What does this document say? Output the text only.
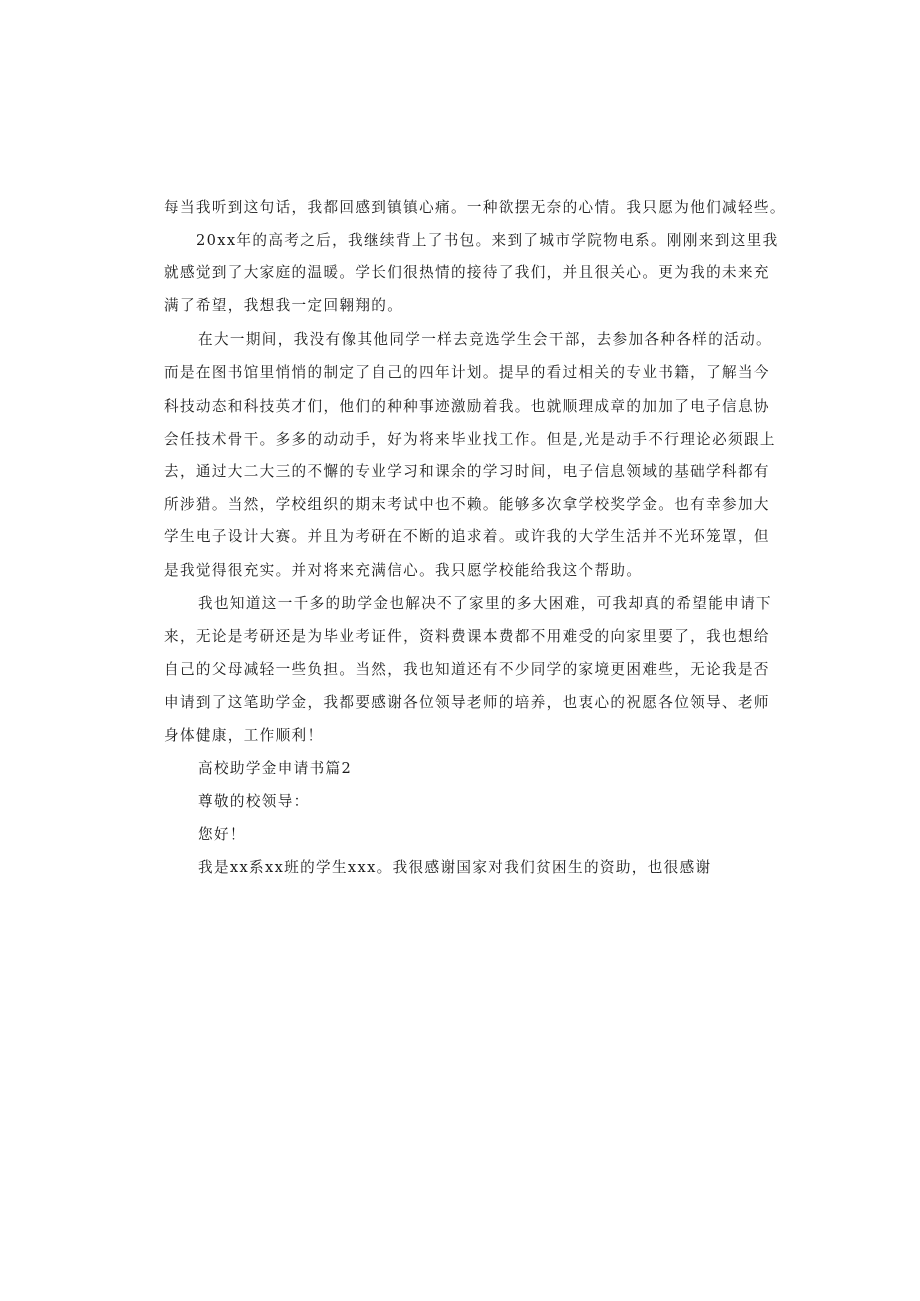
每当我听到这句话，我都回感到镇镇心痛。一种欲摆无奈的心情。我只愿为他们减轻些。
20xx年的高考之后，我继续背上了书包。来到了城市学院物电系。刚刚来到这里我
就感觉到了大家庭的温暖。学长们很热情的接待了我们，并且很关心。更为我的未来充
满了希望，我想我一定回翱翔的。
在大一期间，我没有像其他同学一样去竞选学生会干部，去参加各种各样的活动。
而是在图书馆里悄悄的制定了自己的四年计划。提早的看过相关的专业书籍，了解当今
科技动态和科技英才们，他们的种种事迹激励着我。也就顺理成章的加加了电子信息协
会任技术骨干。多多的动动手，好为将来毕业找工作。但是,光是动手不行理论必须跟上
去，通过大二大三的不懈的专业学习和课余的学习时间，电子信息领域的基础学科都有
所涉猎。当然，学校组织的期末考试中也不赖。能够多次拿学校奖学金。也有幸参加大
学生电子设计大赛。并且为考研在不断的追求着。或许我的大学生活并不光环笼罩，但
是我觉得很充实。并对将来充满信心。我只愿学校能给我这个帮助。
我也知道这一千多的助学金也解决不了家里的多大困难，可我却真的希望能申请下
来，无论是考研还是为毕业考证件，资料费课本费都不用难受的向家里要了，我也想给
自己的父母减轻一些负担。当然，我也知道还有不少同学的家境更困难些，无论我是否
申请到了这笔助学金，我都要感谢各位领导老师的培养，也衷心的祝愿各位领导、老师
身体健康，工作顺利！
高校助学金申请书篇2
尊敬的校领导：
您好！
我是xx系xx班的学生xxx。我很感谢国家对我们贫困生的资助，也很感谢
